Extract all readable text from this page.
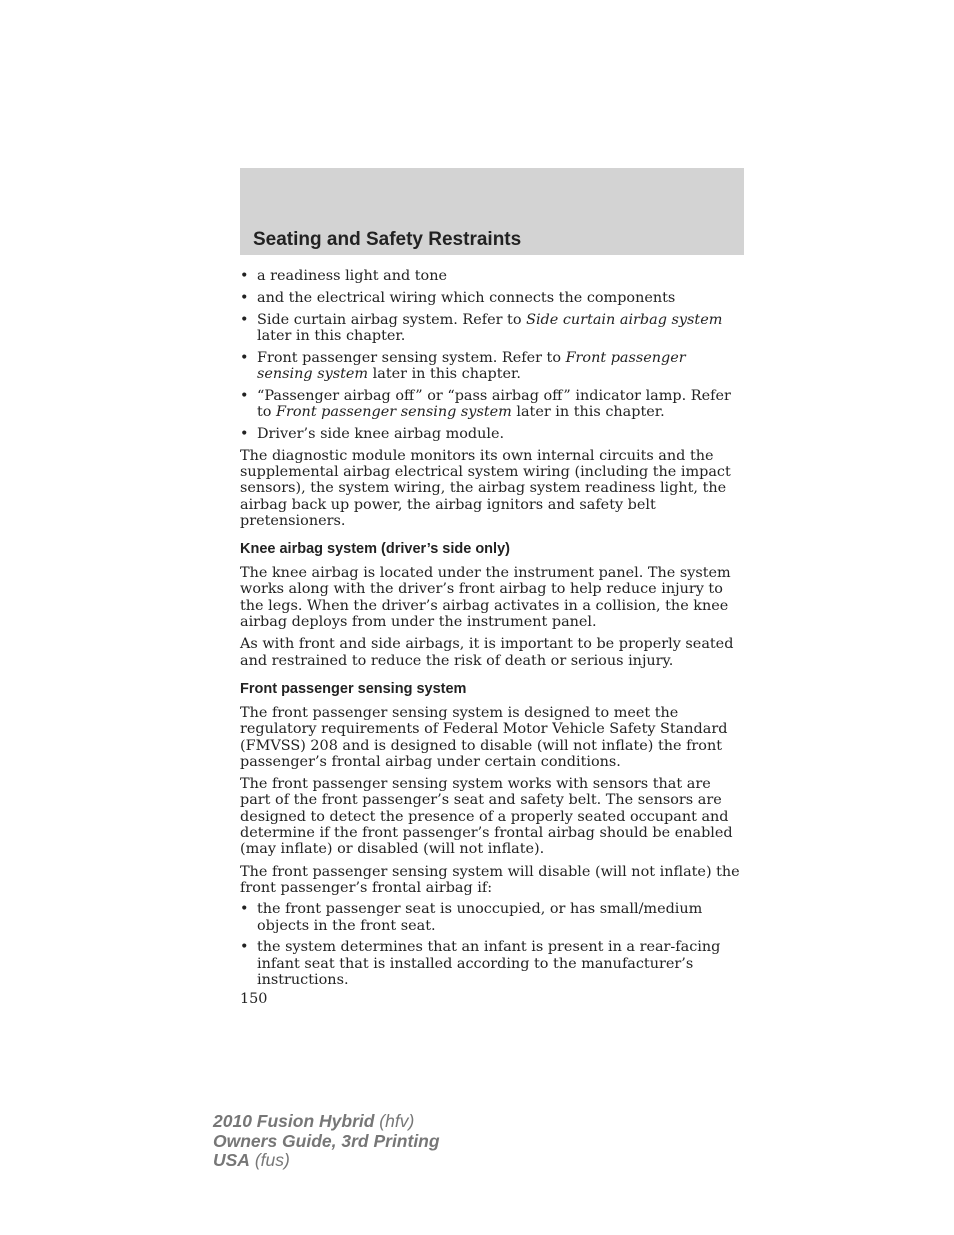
Seating and Safety Restraints
• a readiness light and tone
• and the electrical wiring which connects the components
• Side curtain airbag system. Refer to Side curtain airbag system later in this chapter.
• Front passenger sensing system. Refer to Front passenger sensing system later in this chapter.
• “Passenger airbag off” or “pass airbag off” indicator lamp. Refer to Front passenger sensing system later in this chapter.
• Driver’s side knee airbag module.

The diagnostic module monitors its own internal circuits and the supplemental airbag electrical system wiring (including the impact sensors), the system wiring, the airbag system readiness light, the airbag back up power, the airbag ignitors and safety belt pretensioners.

Knee airbag system (driver’s side only)

The knee airbag is located under the instrument panel. The system works along with the driver’s front airbag to help reduce injury to the legs. When the driver’s airbag activates in a collision, the knee airbag deploys from under the instrument panel.

As with front and side airbags, it is important to be properly seated and restrained to reduce the risk of death or serious injury.

Front passenger sensing system

The front passenger sensing system is designed to meet the regulatory requirements of Federal Motor Vehicle Safety Standard (FMVSS) 208 and is designed to disable (will not inflate) the front passenger’s frontal airbag under certain conditions.

The front passenger sensing system works with sensors that are part of the front passenger’s seat and safety belt. The sensors are designed to detect the presence of a properly seated occupant and determine if the front passenger’s frontal airbag should be enabled (may inflate) or disabled (will not inflate).

The front passenger sensing system will disable (will not inflate) the front passenger’s frontal airbag if:

• the front passenger seat is unoccupied, or has small/medium objects in the front seat.
• the system determines that an infant is present in a rear-facing infant seat that is installed according to the manufacturer’s instructions.
150
2010 Fusion Hybrid (hfv)
Owners Guide, 3rd Printing
USA (fus)
